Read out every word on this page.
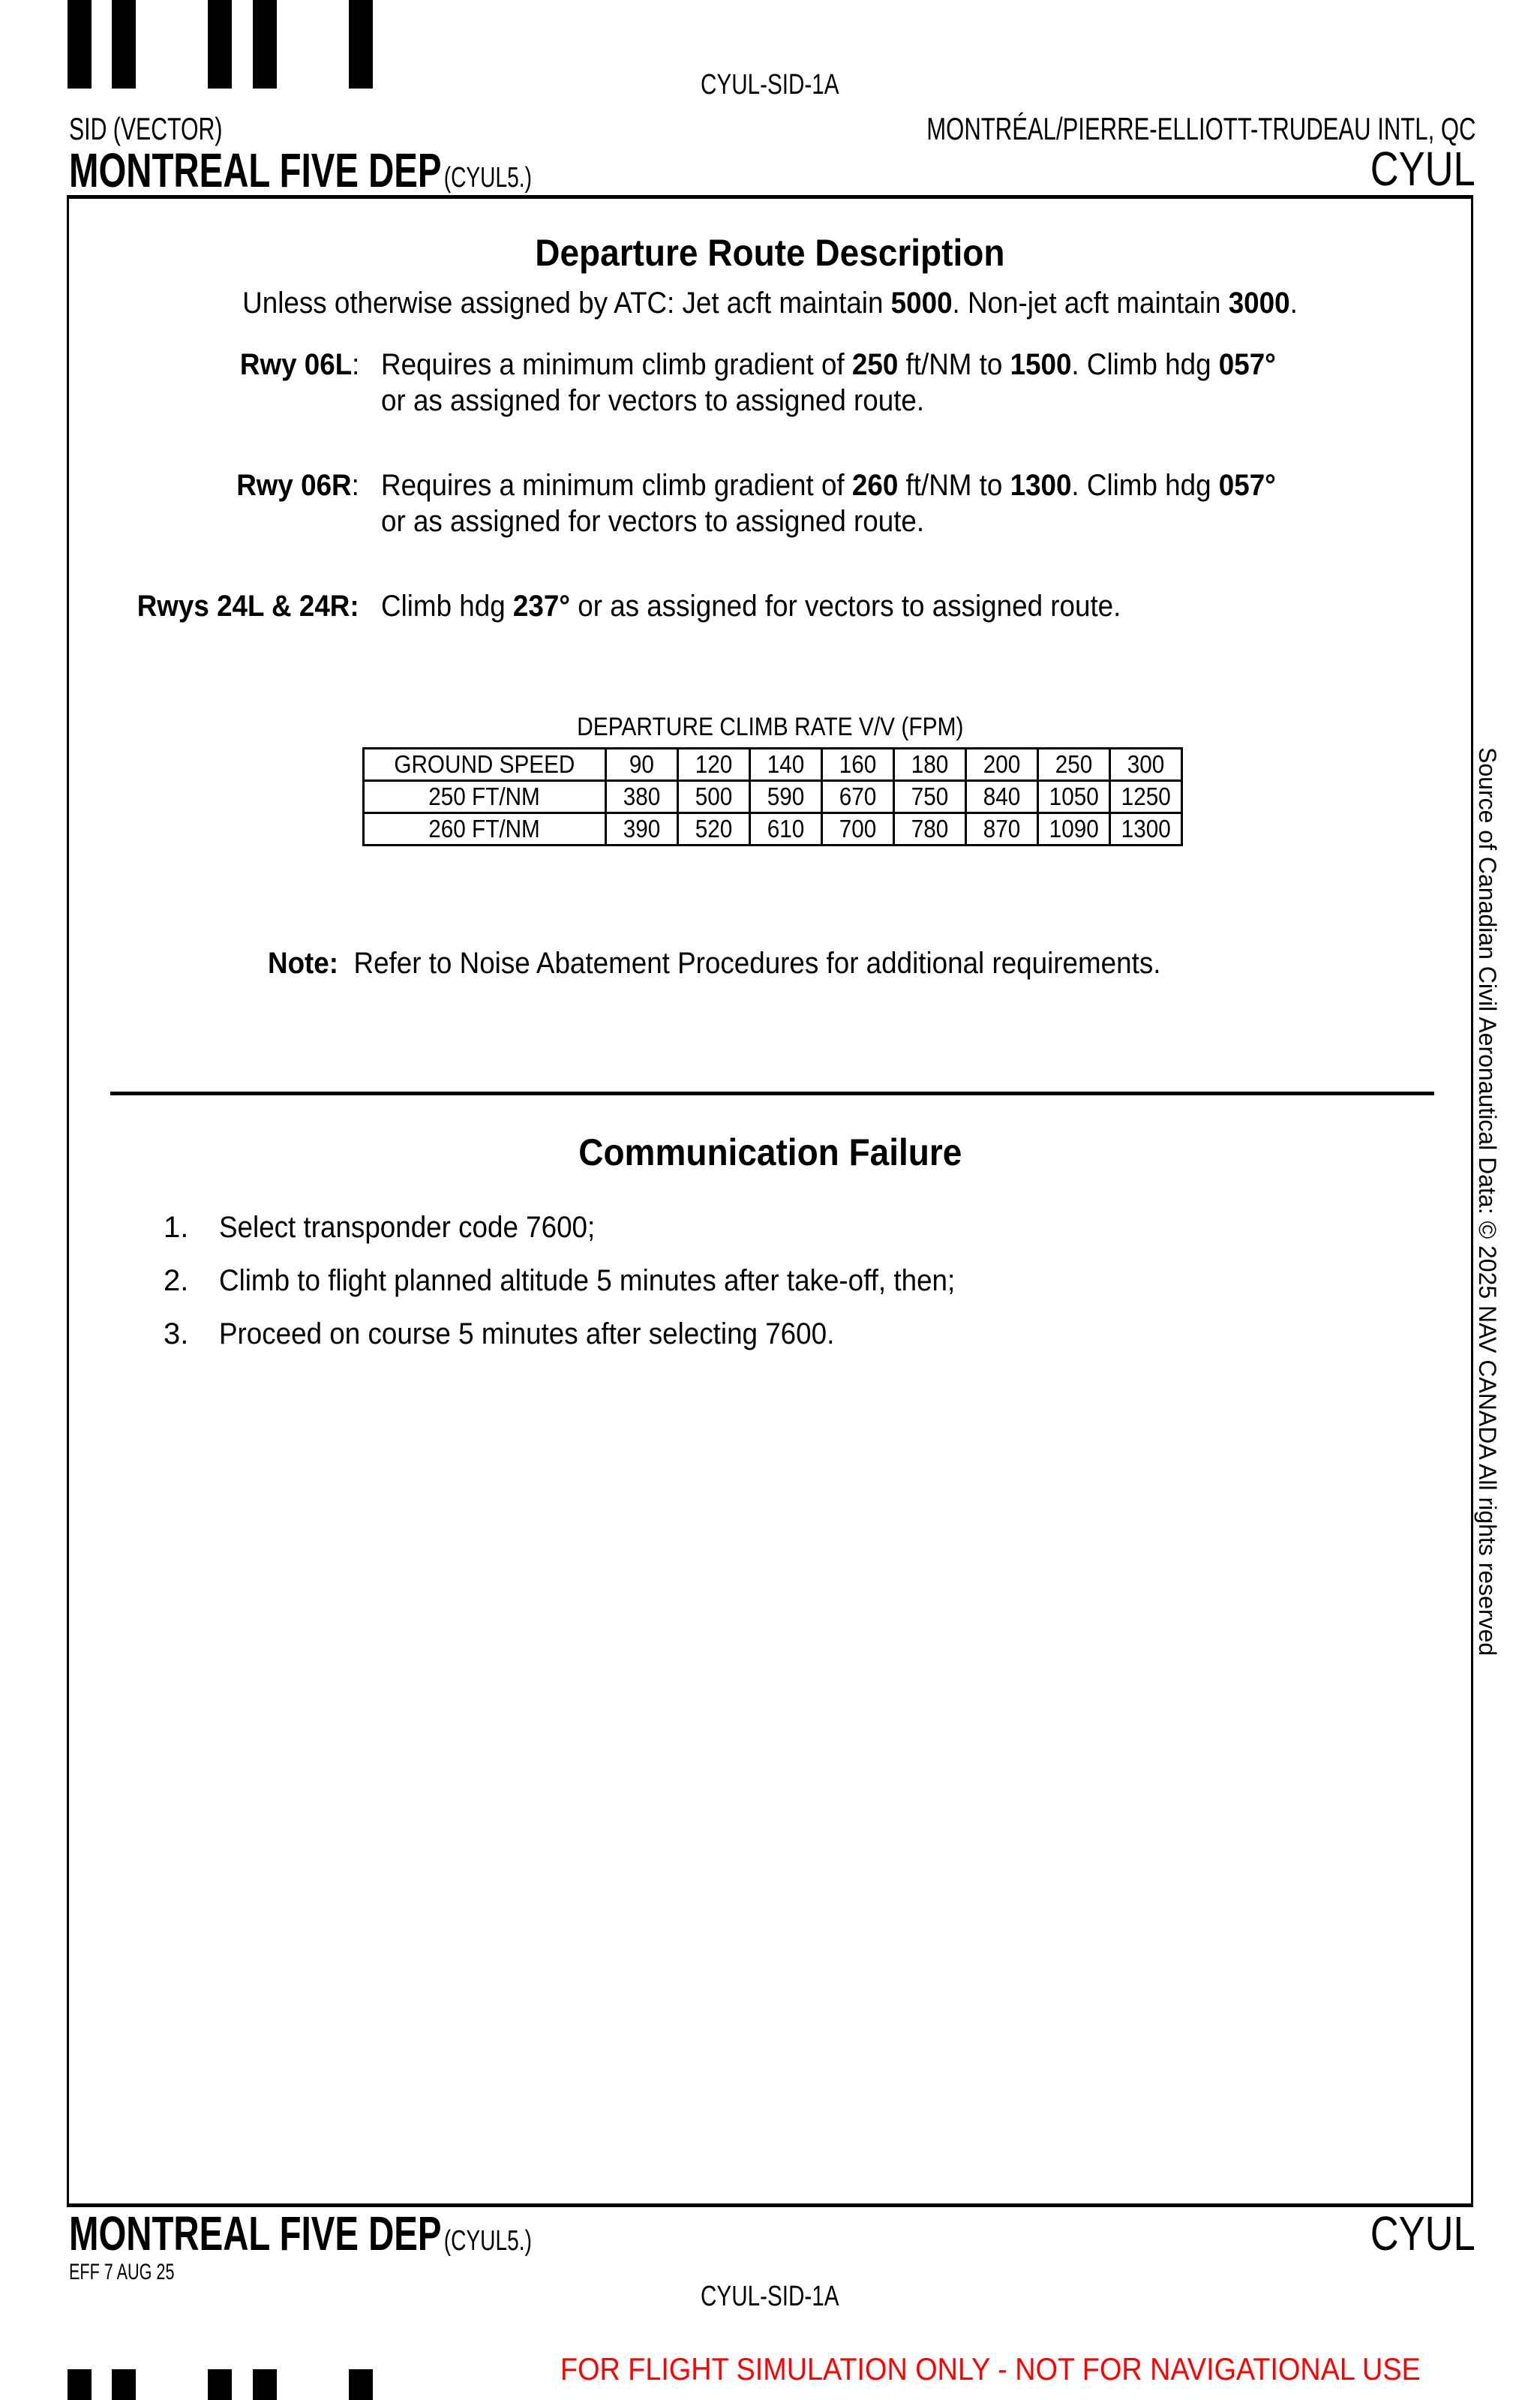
CYUL-SID-1A
SID (VECTOR)	MONTRÉAL/PIERRE-ELLIOTT-TRUDEAU INTL, QC
MONTREAL FIVE DEP (CYUL5.)	CYUL
Departure Route Description
Unless otherwise assigned by ATC: Jet acft maintain 5000. Non-jet acft maintain 3000.
Rwy 06L: Requires a minimum climb gradient of 250 ft/NM to 1500. Climb hdg 057°
or as assigned for vectors to assigned route.
Rwy 06R: Requires a minimum climb gradient of 260 ft/NM to 1300. Climb hdg 057°
or as assigned for vectors to assigned route.
Rwys 24L & 24R: Climb hdg 237° or as assigned for vectors to assigned route.
DEPARTURE CLIMB RATE V/V (FPM)
GROUND SPEED	90	120	140	160	180	200	250	300
250 FT/NM	380	500	590	670	750	840	1050	1250
260 FT/NM	390	520	610	700	780	870	1090	1300
Note: Refer to Noise Abatement Procedures for additional requirements.
Communication Failure
1. Select transponder code 7600;
2. Climb to flight planned altitude 5 minutes after take-off, then;
3. Proceed on course 5 minutes after selecting 7600.	Source of Canadian Civil Aeronautical Data: © 2025 NAV CANADA All rights reserved
MONTREAL FIVE DEP (CYUL5.)	CYUL
EFF 7 AUG 25
CYUL-SID-1A
FOR FLIGHT SIMULATION ONLY - NOT FOR NAVIGATIONAL USE
